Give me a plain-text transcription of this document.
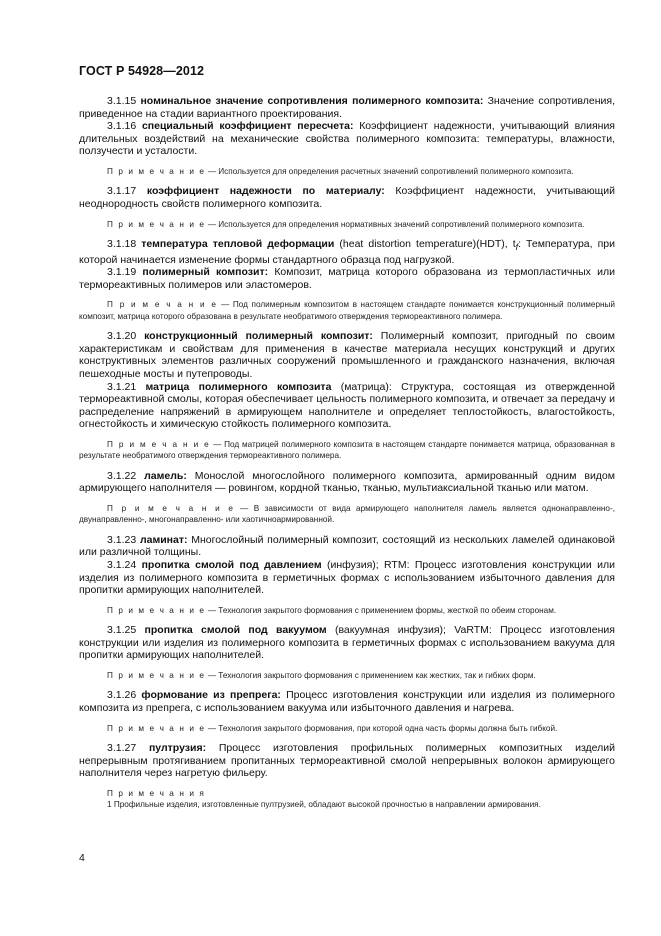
ГОСТ Р 54928—2012

3.1.15 номинальное значение сопротивления полимерного композита: Значение сопротивления, приведенное на стадии вариантного проектирования.

3.1.16 специальный коэффициент пересчета: Коэффициент надежности, учитывающий влияния длительных воздействий на механические свойства полимерного композита: температуры, влажности, ползучести и усталости.

П р и м е ч а н и е — Используется для определения расчетных значений сопротивлений полимерного композита.

3.1.17 коэффициент надежности по материалу: Коэффициент надежности, учитывающий неоднородность свойств полимерного композита.

П р и м е ч а н и е — Используется для определения нормативных значений сопротивлений полимерного композита.

3.1.18 температура тепловой деформации (heat distortion temperature)(HDT), $t_f$: Температура, при которой начинается изменение формы стандартного образца под нагрузкой.

3.1.19 полимерный композит: Композит, матрица которого образована из термопластичных или термореактивных полимеров или эластомеров.

П р и м е ч а н и е — Под полимерным композитом в настоящем стандарте понимается конструкционный полимерный композит, матрица которого образована в результате необратимого отверждения термореактивного полимера.

3.1.20 конструкционный полимерный композит: Полимерный композит, пригодный по своим характеристикам и свойствам для применения в качестве материала несущих конструкций и других конструктивных элементов различных сооружений промышленного и гражданского назначения, включая пешеходные мосты и путепроводы.

3.1.21 матрица полимерного композита (матрица): Структура, состоящая из отвержденной термореактивной смолы, которая обеспечивает цельность полимерного композита, и отвечает за передачу и распределение напряжений в армирующем наполнителе и определяет теплостойкость, влагостойкость, огнестойкость и химическую стойкость полимерного композита.

П р и м е ч а н и е — Под матрицей полимерного композита в настоящем стандарте понимается матрица, образованная в результате необратимого отверждения термореактивного полимера.

3.1.22 ламель: Монослой многослойного полимерного композита, армированный одним видом армирующего наполнителя — ровингом, кордной тканью, тканью, мультиаксиальной тканью или матом.

П р и м е ч а н и е — В зависимости от вида армирующего наполнителя ламель является однонаправленно-, двунаправленно-, многонаправленно- или хаотичноармированной.

3.1.23 ламинат: Многослойный полимерный композит, состоящий из нескольких ламелей одинаковой или различной толщины.

3.1.24 пропитка смолой под давлением (инфузия); RTM: Процесс изготовления конструкции или изделия из полимерного композита в герметичных формах с использованием избыточного давления для пропитки армирующих наполнителей.

П р и м е ч а н и е — Технология закрытого формования с применением формы, жесткой по обеим сторонам.

3.1.25 пропитка смолой под вакуумом (вакуумная инфузия); VaRTM: Процесс изготовления конструкции или изделия из полимерного композита в герметичных формах с использованием вакуума для пропитки армирующих наполнителей.

П р и м е ч а н и е — Технология закрытого формования с применением как жестких, так и гибких форм.

3.1.26 формование из препрега: Процесс изготовления конструкции или изделия из полимерного композита из препрега, с использованием вакуума или избыточного давления и нагрева.

П р и м е ч а н и е — Технология закрытого формования, при которой одна часть формы должна быть гибкой.

3.1.27 пултрузия: Процесс изготовления профильных полимерных композитных изделий непрерывным протягиванием пропитанных термореактивной смолой непрерывных волокон армирующего наполнителя через нагретую фильеру.

П р и м е ч а н и я

1 Профильные изделия, изготовленные пултрузией, обладают высокой прочностью в направлении армирования.

4
